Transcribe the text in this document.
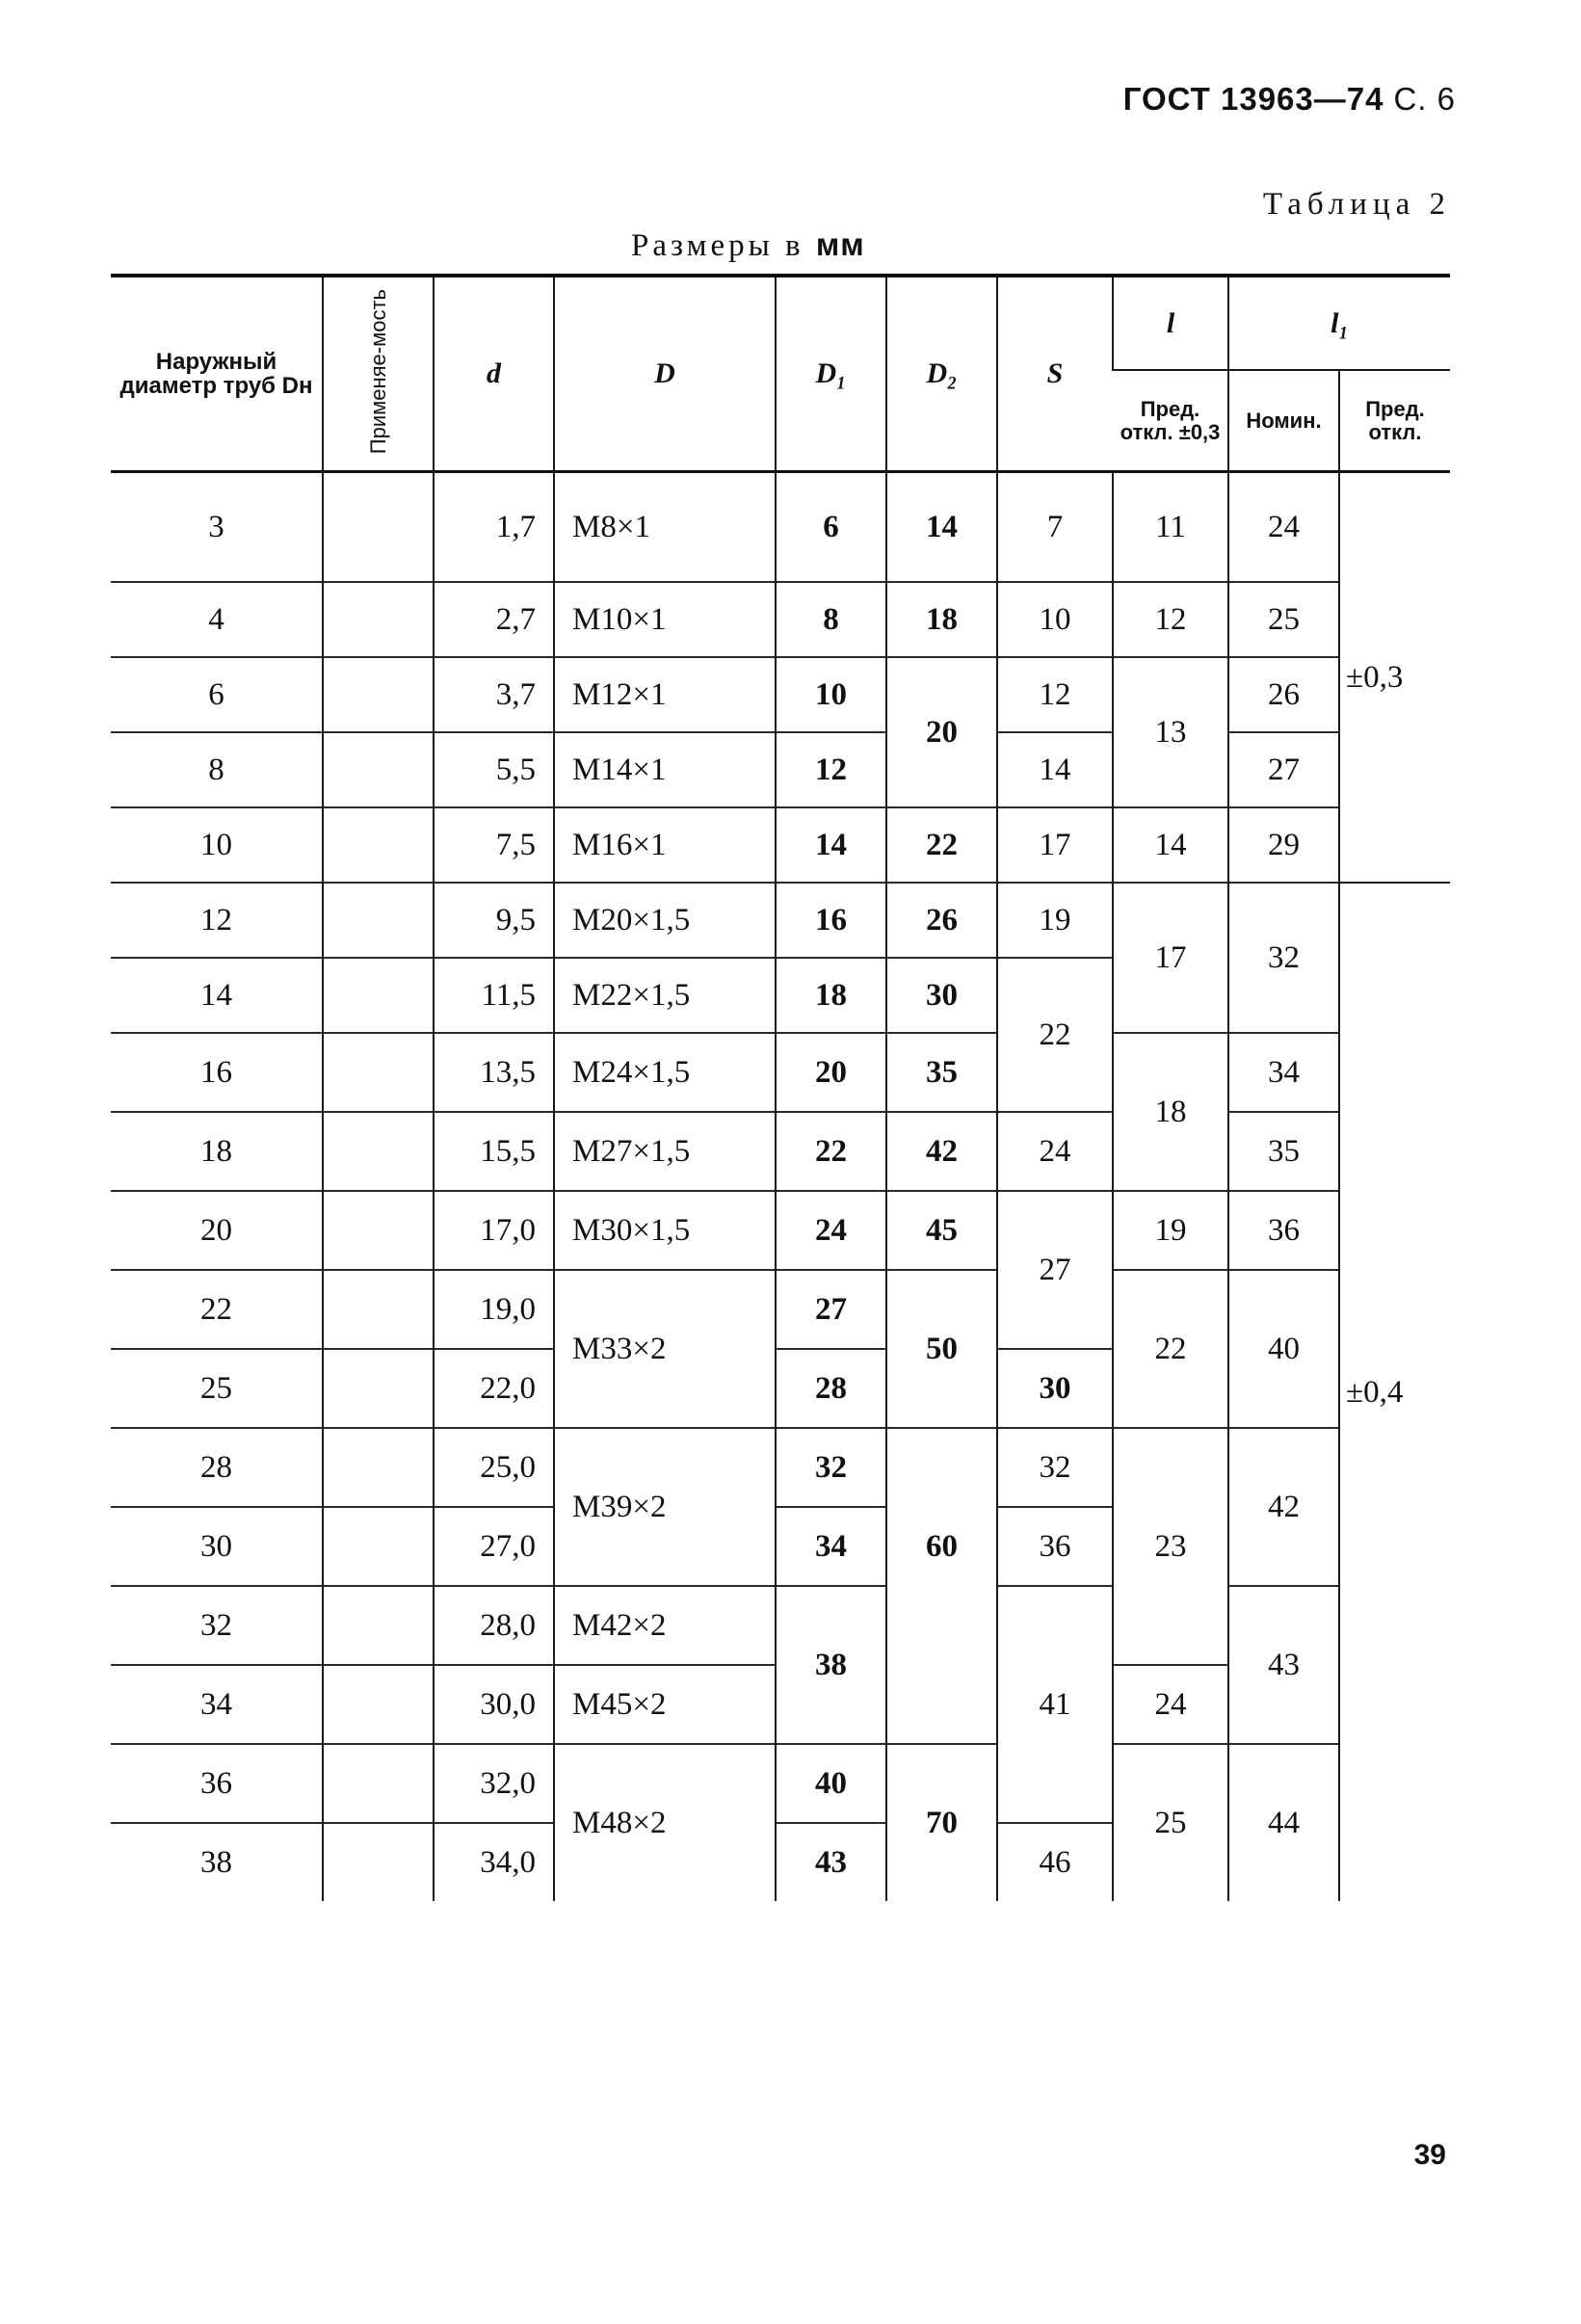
ГОСТ 13963—74 С. 6
Таблица 2
Размеры в мм
Наружный диаметр труб Dн	Применяе-мость	d	D	D₁	D₂	S	l	l₁	
							Пред. откл. ±0,3	Номин.	Пред. откл.
3		1,7	M8×1	6	14	7	11	24	±0,3
4		2,7	M10×1	8	18	10	12	25	
6		3,7	M12×1	10	20	12	13	26	
8		5,5	M14×1	12		14		27	
10		7,5	M16×1	14	22	17	14	29	
12		9,5	M20×1,5	16	26	19	17	32	±0,4
14		11,5	M22×1,5	18	30	22			
16		13,5	M24×1,5	20	35		18	34	
18		15,5	M27×1,5	22	42	24		35	
20		17,0	M30×1,5	24	45	27	19	36	
22		19,0	M33×2	27	50		22	40	
25		22,0		28		30			
28		25,0	M39×2	32	60	32	23	42	
30		27,0		34		36			
32		28,0	M42×2	38		41		43	
34		30,0	M45×2				24		
36		32,0	M48×2	40	70		25	44	
38		34,0		43		46			
39
